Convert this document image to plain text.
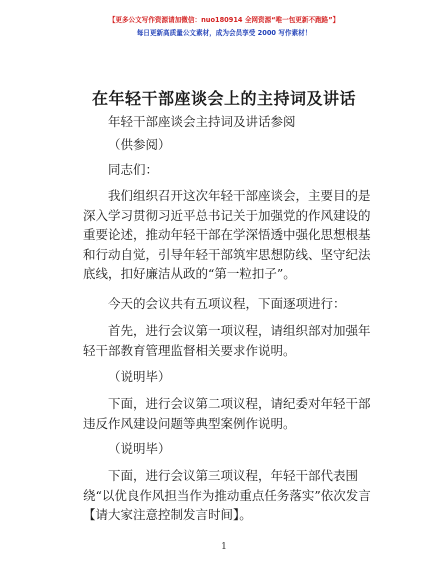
【更多公文写作资源请加微信：nuo180914 全网资源“唯一包更新不跑路”】
每日更新高质量公文素材，成为会员享受 2000 写作素材！
在年轻干部座谈会上的主持词及讲话

年轻干部座谈会主持词及讲话参阅

（供参阅）

同志们：

我们组织召开这次年轻干部座谈会，主要目的是深入学习贯彻习近平总书记关于加强党的作风建设的重要论述，推动年轻干部在学深悟透中强化思想根基和行动自觉，引导年轻干部筑牢思想防线、坚守纪法底线，扣好廉洁从政的“第一粒扣子”。

今天的会议共有五项议程，下面逐项进行：

首先，进行会议第一项议程，请组织部对加强年轻干部教育管理监督相关要求作说明。

（说明毕）

下面，进行会议第二项议程，请纪委对年轻干部违反作风建设问题等典型案例作说明。

（说明毕）

下面，进行会议第三项议程，年轻干部代表围绕“以优良作风担当作为推动重点任务落实”依次发言【请大家注意控制发言时间】。

1
